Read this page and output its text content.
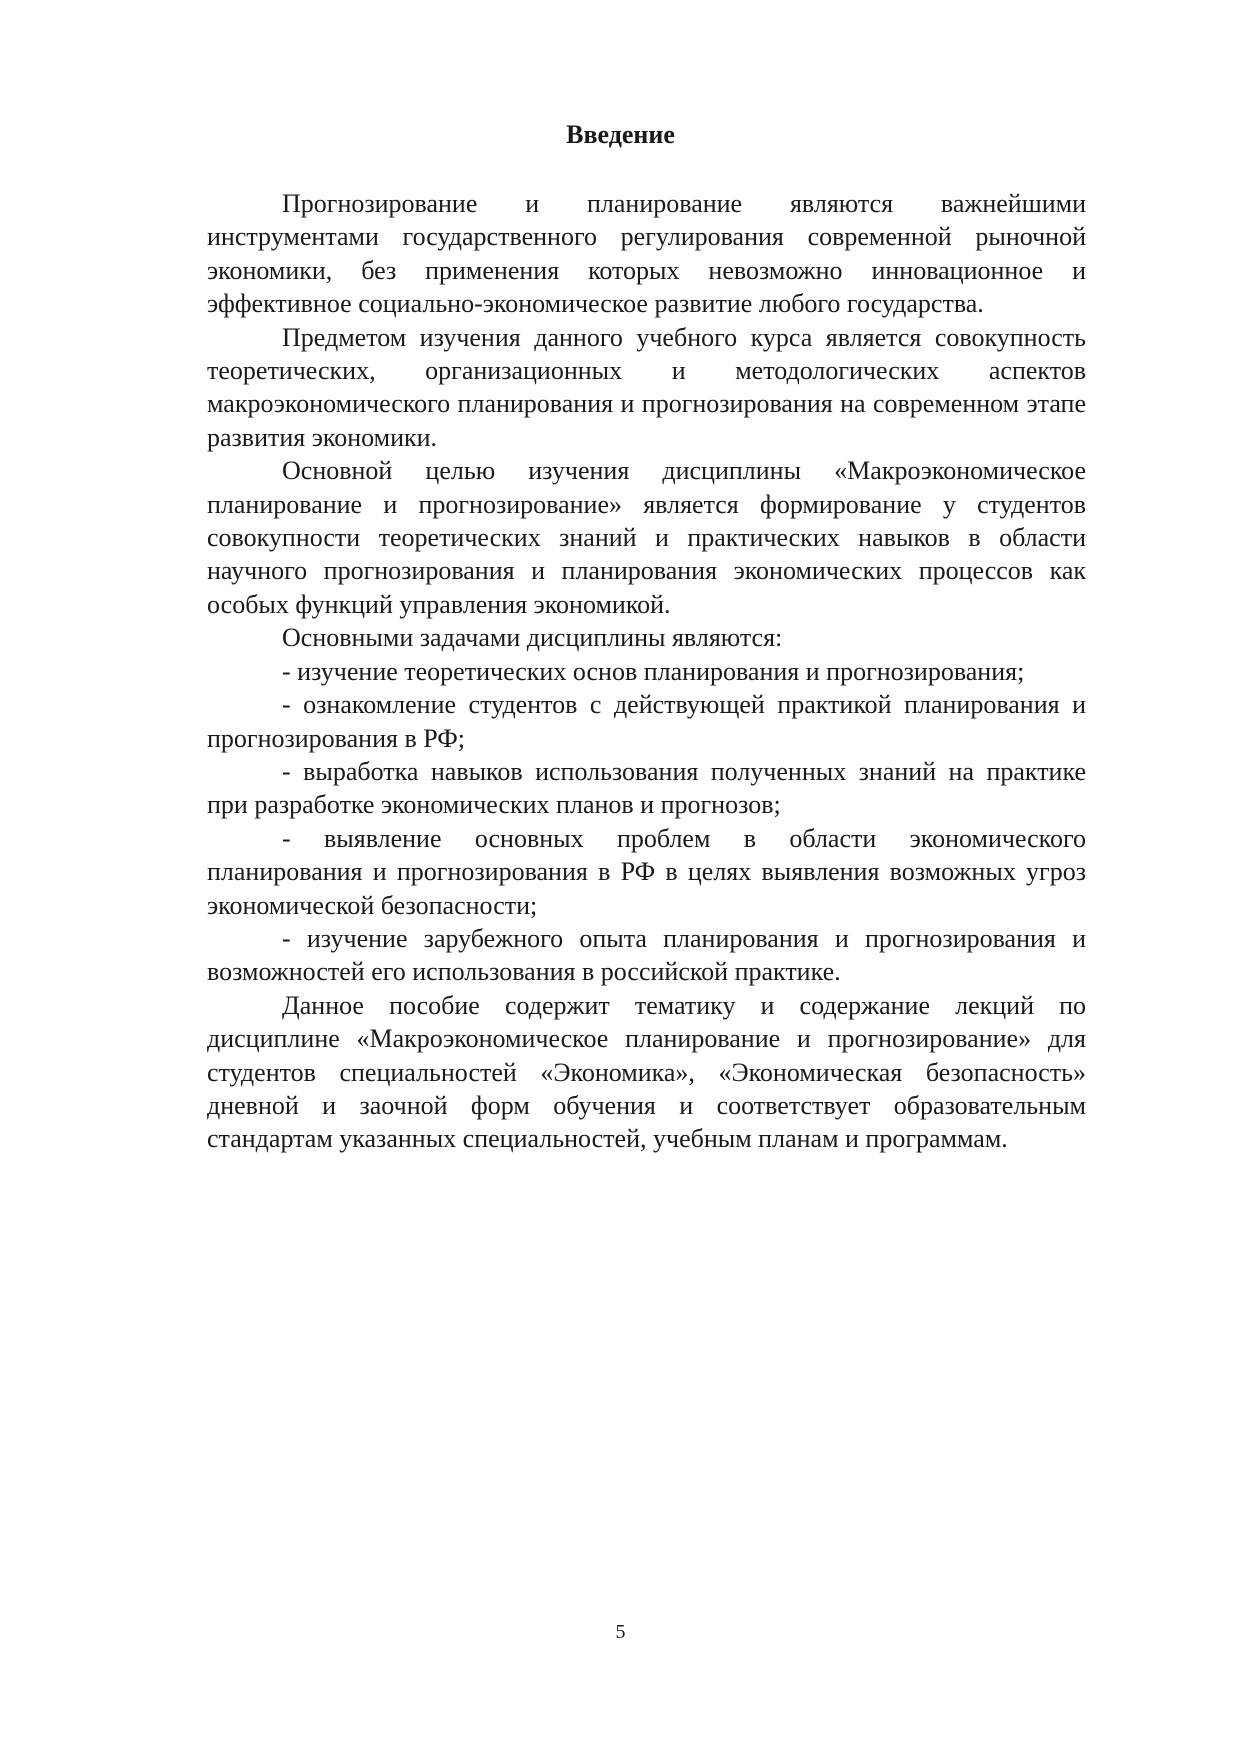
Введение

Прогнозирование и планирование являются важнейшими инструментами государственного регулирования современной рыночной экономики, без применения которых невозможно инновационное и эффективное социально-экономическое развитие любого государства.

Предметом изучения данного учебного курса является совокупность теоретических, организационных и методологических аспектов макроэкономического планирования и прогнозирования на современном этапе развития экономики.

Основной целью изучения дисциплины «Макроэкономическое планирование и прогнозирование» является формирование у студентов совокупности теоретических знаний и практических навыков в области научного прогнозирования и планирования экономических процессов как особых функций управления экономикой.

Основными задачами дисциплины являются:

- изучение теоретических основ планирования и прогнозирования;

- ознакомление студентов с действующей практикой планирования и прогнозирования в РФ;

- выработка навыков использования полученных знаний на практике при разработке экономических планов и прогнозов;

- выявление основных проблем в области экономического планирования и прогнозирования в РФ в целях выявления возможных угроз экономической безопасности;

- изучение зарубежного опыта планирования и прогнозирования и возможностей его использования в российской практике.

Данное пособие содержит тематику и содержание лекций по дисциплине «Макроэкономическое планирование и прогнозирование» для студентов специальностей «Экономика», «Экономическая безопасность» дневной и заочной форм обучения и соответствует образовательным стандартам указанных специальностей, учебным планам и программам.

5
